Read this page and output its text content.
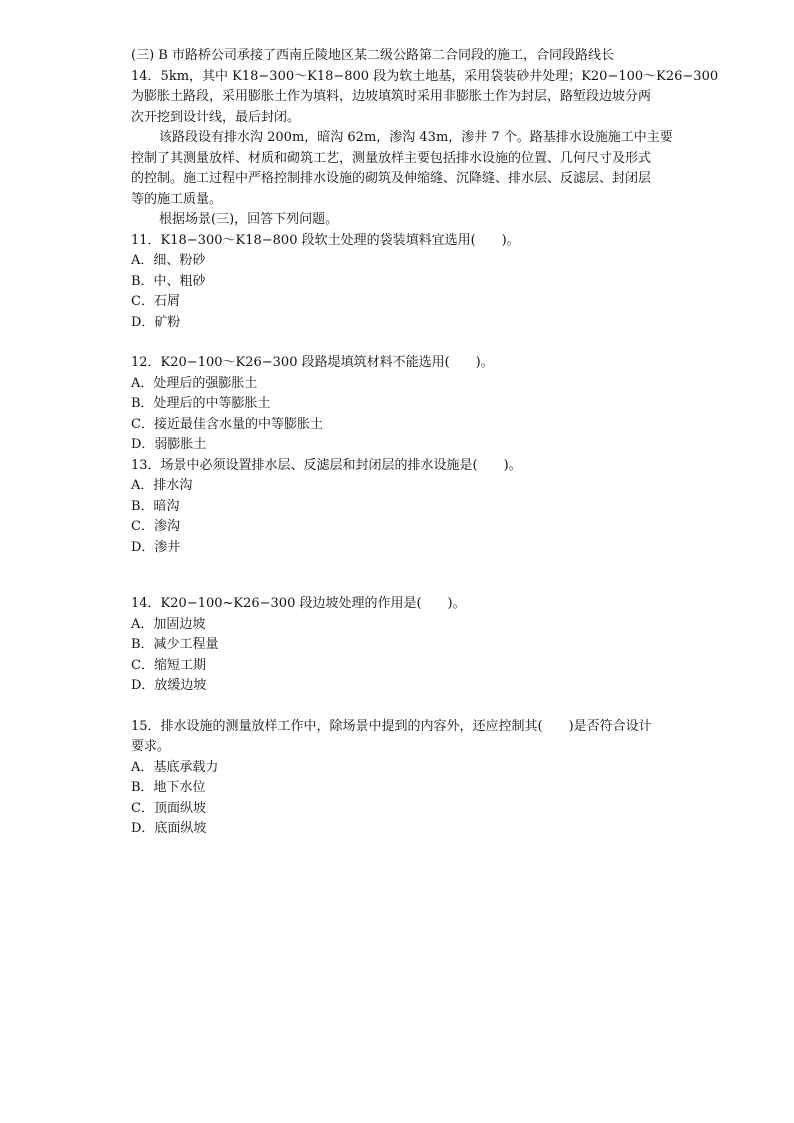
(三) B 市路桥公司承接了西南丘陵地区某二级公路第二合同段的施工，合同段路线长
14．5km，其中 K18−300～K18−800 段为软土地基，采用袋装砂井处理；K20−100～K26−300
为膨胀土路段，采用膨胀土作为填料，边坡填筑时采用非膨胀土作为封层，路堑段边坡分两
次开挖到设计线，最后封闭。
该路段设有排水沟 200m，暗沟 62m，渗沟 43m，渗井 7 个。路基排水设施施工中主要
控制了其测量放样、材质和砌筑工艺，测量放样主要包括排水设施的位置、几何尺寸及形式
的控制。施工过程中严格控制排水设施的砌筑及伸缩缝、沉降缝、排水层、反滤层、封闭层
等的施工质量。
根据场景(三)，回答下列问题。
11．K18−300～K18−800 段软土处理的袋装填料宜选用(　　)。
A．细、粉砂
B．中、粗砂
C．石屑
D．矿粉
12．K20−100～K26−300 段路堤填筑材料不能选用(　　)。
A．处理后的强膨胀土
B．处理后的中等膨胀土
C．接近最佳含水量的中等膨胀土
D．弱膨胀土
13．场景中必须设置排水层、反滤层和封闭层的排水设施是(　　)。
A．排水沟
B．暗沟
C．渗沟
D．渗井
14．K20−100~K26−300 段边坡处理的作用是(　　)。
A．加固边坡
B．减少工程量
C．缩短工期
D．放缓边坡
15．排水设施的测量放样工作中，除场景中提到的内容外，还应控制其(　　)是否符合设计
要求。
A．基底承载力
B．地下水位
C．顶面纵坡
D．底面纵坡
